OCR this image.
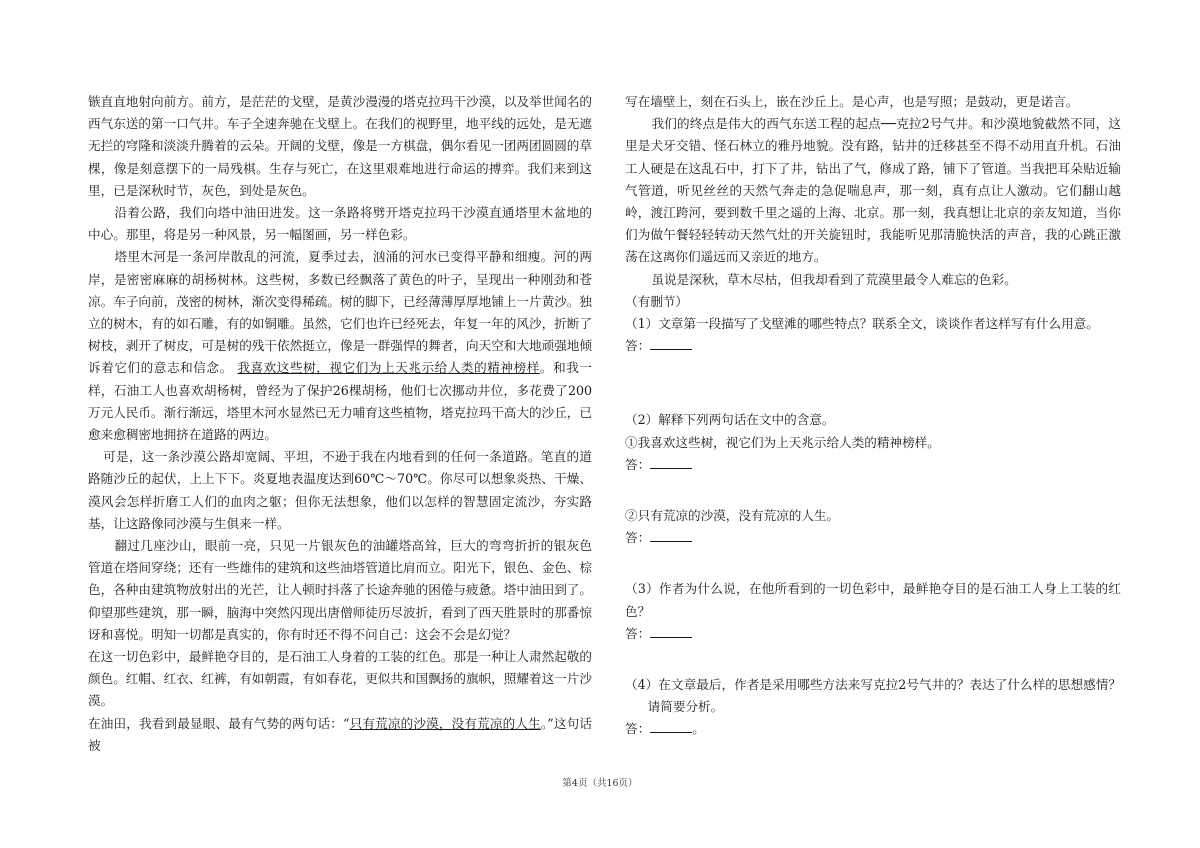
镞直直地射向前方。前方，是茫茫的戈壁，是黄沙漫漫的塔克拉玛干沙漠，以及举世闻名的西气东送的第一口气井。车子全速奔驰在戈壁上。在我们的视野里，地平线的远处，是无遮无拦的穹隆和淡淡升腾着的云朵。开阔的戈壁，像是一方棋盘，偶尔看见一团两团圆圆的草棵，像是刻意摆下的一局残棋。生存与死亡，在这里艰难地进行命运的搏弈。我们来到这里，已是深秋时节，灰色，到处是灰色。

沿着公路，我们向塔中油田进发。这一条路将劈开塔克拉玛干沙漠直通塔里木盆地的中心。那里，将是另一种风景，另一幅图画，另一样色彩。

塔里木河是一条河岸散乱的河流，夏季过去，汹涌的河水已变得平静和细瘦。河的两岸，是密密麻麻的胡杨树林。这些树，多数已经飘落了黄色的叶子，呈现出一种刚劲和苍凉。车子向前，茂密的树林，渐次变得稀疏。树的脚下，已经薄薄厚厚地铺上一片黄沙。独立的树木，有的如石雕，有的如铜雕。虽然，它们也许已经死去，年复一年的风沙，折断了树枝，剥开了树皮，可是树的残干依然挺立，像是一群强悍的舞者，向天空和大地顽强地倾诉着它们的意志和信念。 我喜欢这些树，视它们为上天兆示给人类的精神榜样。和我一样，石油工人也喜欢胡杨树，曾经为了保护26棵胡杨，他们七次挪动井位，多花费了200万元人民币。渐行渐远，塔里木河水显然已无力哺育这些植物，塔克拉玛干高大的沙丘，已愈来愈稠密地拥挤在道路的两边。

可是，这一条沙漠公路却宽阔、平坦，不逊于我在内地看到的任何一条道路。笔直的道路随沙丘的起伏，上上下下。炎夏地表温度达到60℃～70℃。你尽可以想象炎热、干燥、漠风会怎样折磨工人们的血肉之躯；但你无法想象，他们以怎样的智慧固定流沙，夯实路基，让这路像同沙漠与生俱来一样。

翻过几座沙山，眼前一亮，只见一片银灰色的油罐塔高耸，巨大的弯弯折折的银灰色管道在塔间穿绕；还有一些雄伟的建筑和这些油塔管道比肩而立。阳光下，银色、金色、棕色，各种由建筑物放射出的光芒，让人顿时抖落了长途奔驰的困倦与疲惫。塔中油田到了。仰望那些建筑，那一瞬，脑海中突然闪现出唐僧师徒历尽波折，看到了西天胜景时的那番惊讶和喜悦。明知一切都是真实的，你有时还不得不问自己：这会不会是幻觉？

在这一切色彩中，最鲜艳夺目的，是石油工人身着的工装的红色。那是一种让人肃然起敬的颜色。红帽、红衣、红裤，有如朝霞，有如春花，更似共和国飘扬的旗帜，照耀着这一片沙漠。

在油田，我看到最显眼、最有气势的两句话：“只有荒凉的沙漠，没有荒凉的人生。”这句话被

写在墙壁上，刻在石头上，嵌在沙丘上。是心声，也是写照；是鼓动，更是诺言。

我们的终点是伟大的西气东送工程的起点──克拉2号气井。和沙漠地貌截然不同，这里是犬牙交错、怪石林立的雅丹地貌。没有路，钻井的迁移甚至不得不动用直升机。石油工人硬是在这乱石中，打下了井，钻出了气，修成了路，铺下了管道。当我把耳朵贴近输气管道，听见丝丝的天然气奔走的急促喘息声，那一刻，真有点让人激动。它们翻山越岭，渡江跨河，要到数千里之遥的上海、北京。那一刻，我真想让北京的亲友知道，当你们为做午餐轻轻转动天然气灶的开关旋钮时，我能听见那清脆快活的声音，我的心跳正激荡在这离你们遥远而又亲近的地方。

虽说是深秋，草木尽枯，但我却看到了荒漠里最令人难忘的色彩。

（有删节）

（1）文章第一段描写了戈壁滩的哪些特点？联系全文，谈谈作者这样写有什么用意。

答：

（2）解释下列两句话在文中的含意。

①我喜欢这些树，视它们为上天兆示给人类的精神榜样。

答：

②只有荒凉的沙漠，没有荒凉的人生。

答：

（3）作者为什么说，在他所看到的一切色彩中，最鲜艳夺目的是石油工人身上工装的红色？

答：

（4）在文章最后，作者是采用哪些方法来写克拉2号气井的？表达了什么样的思想感情？请简要分析。

答：	。

第4页（共16页）
